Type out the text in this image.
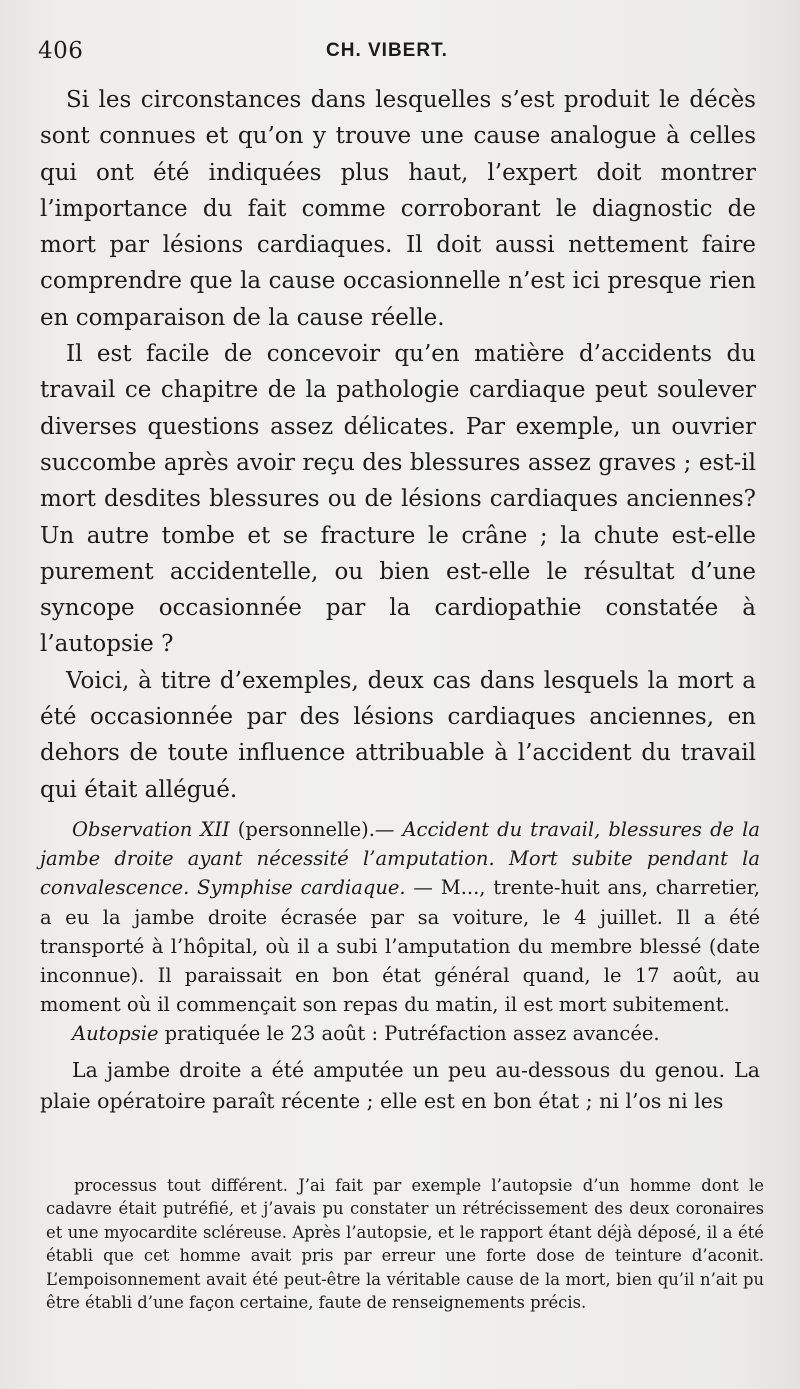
406	CH. VIBERT.

Si les circonstances dans lesquelles s’est produit le décès sont connues et qu’on y trouve une cause analogue à celles qui ont été indiquées plus haut, l’expert doit montrer l’importance du fait comme corroborant le diagnostic de mort par lésions cardiaques. Il doit aussi nettement faire comprendre que la cause occasionnelle n’est ici presque rien en comparaison de la cause réelle.

Il est facile de concevoir qu’en matière d’accidents du travail ce chapitre de la pathologie cardiaque peut soulever diverses questions assez délicates. Par exemple, un ouvrier succombe après avoir reçu des blessures assez graves ; est-il mort desdites blessures ou de lésions cardiaques anciennes? Un autre tombe et se fracture le crâne ; la chute est-elle purement accidentelle, ou bien est-elle le résultat d’une syncope occasionnée par la cardiopathie constatée à l’autopsie ?

Voici, à titre d’exemples, deux cas dans lesquels la mort a été occasionnée par des lésions cardiaques anciennes, en dehors de toute influence attribuable à l’accident du travail qui était allégué.

Observation XII (personnelle).— Accident du travail, blessures de la jambe droite ayant nécessité l’amputation. Mort subite pendant la convalescence. Symphise cardiaque. — M..., trente-huit ans, charretier, a eu la jambe droite écrasée par sa voiture, le 4 juillet. Il a été transporté à l’hôpital, où il a subi l’amputation du membre blessé (date inconnue). Il paraissait en bon état général quand, le 17 août, au moment où il commençait son repas du matin, il est mort subitement.

Autopsie pratiquée le 23 août : Putréfaction assez avancée.

La jambe droite a été amputée un peu au-dessous du genou. La plaie opératoire paraît récente ; elle est en bon état ; ni l’os ni les

processus tout différent. J’ai fait par exemple l’autopsie d’un homme dont le cadavre était putréfié, et j’avais pu constater un rétrécissement des deux coronaires et une myocardite scléreuse. Après l’autopsie, et le rapport étant déjà déposé, il a été établi que cet homme avait pris par erreur une forte dose de teinture d’aconit. L’empoisonnement avait été peut-être la véritable cause de la mort, bien qu’il n’ait pu être établi d’une façon certaine, faute de renseignements précis.
